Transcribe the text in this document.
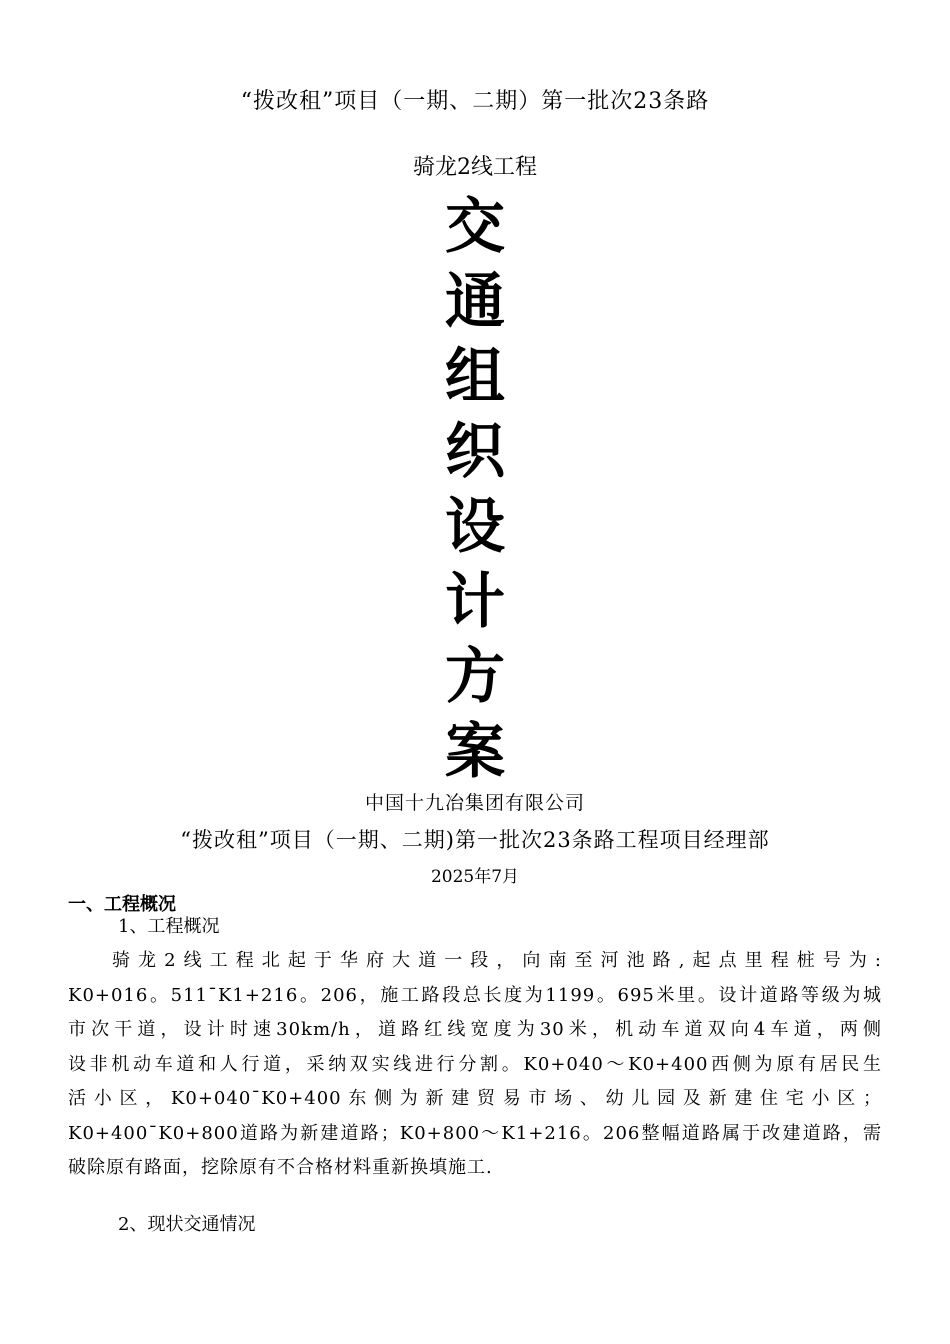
“拨改租”项目（一期、二期）第一批次23条路
骑龙2线工程
交
通
组
织
设
计
方
案
中国十九冶集团有限公司
“拨改租”项目（一期、二期)第一批次23条路工程项目经理部
2025年7月
一、工程概况
1、工程概况
骑龙2线工程北起于华府大道一段，向南至河池路,起点里程桩号为:
K0+016。511¯K1+216。206，施工路段总长度为1199。695米里。设计道路等级为城
市次干道，设计时速30km/h，道路红线宽度为30米，机动车道双向4车道，两侧
设非机动车道和人行道，采纳双实线进行分割。K0+040～K0+400西侧为原有居民生
活小区，K0+040¯K0+400东侧为新建贸易市场、幼儿园及新建住宅小区；
K0+400¯K0+800道路为新建道路；K0+800～K1+216。206整幅道路属于改建道路，需
破除原有路面，挖除原有不合格材料重新换填施工.
2、现状交通情况
